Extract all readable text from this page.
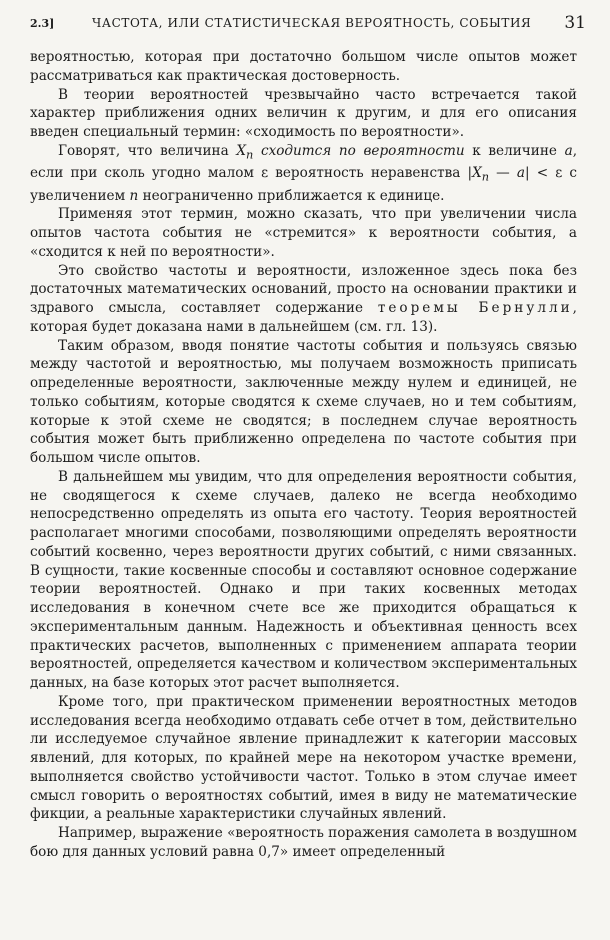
2.3]	ЧАСТОТА, ИЛИ СТАТИСТИЧЕСКАЯ ВЕРОЯТНОСТЬ, СОБЫТИЯ 31

вероятностью, которая при достаточно большом числе опытов может рассматриваться как практическая достоверность.

В теории вероятностей чрезвычайно часто встречается такой характер приближения одних величин к другим, и для его описания введен специальный термин: «сходимость по вероятности».

Говорят, что величина $X_n$ сходится по вероятности к величине a, если при сколь угодно малом ε вероятность неравенства $|X_n$ — a| < ε с увеличением n неограниченно приближается к единице.

Применяя этот термин, можно сказать, что при увеличении числа опытов частота события не «стремится» к вероятности события, а «сходится к ней по вероятности».

Это свойство частоты и вероятности, изложенное здесь пока без достаточных математических оснований, просто на основании практики и здравого смысла, составляет содержание теоремы Бернулли, которая будет доказана нами в дальнейшем (см. гл. 13).

Таким образом, вводя понятие частоты события и пользуясь связью между частотой и вероятностью, мы получаем возможность приписать определенные вероятности, заключенные между нулем и единицей, не только событиям, которые сводятся к схеме случаев, но и тем событиям, которые к этой схеме не сводятся; в последнем случае вероятность события может быть приближенно определена по частоте события при большом числе опытов.

В дальнейшем мы увидим, что для определения вероятности события, не сводящегося к схеме случаев, далеко не всегда необходимо непосредственно определять из опыта его частоту. Теория вероятностей располагает многими способами, позволяющими определять вероятности событий косвенно, через вероятности других событий, с ними связанных. В сущности, такие косвенные способы и составляют основное содержание теории вероятностей. Однако и при таких косвенных методах исследования в конечном счете все же приходится обращаться к экспериментальным данным. Надежность и объективная ценность всех практических расчетов, выполненных с применением аппарата теории вероятностей, определяется качеством и количеством экспериментальных данных, на базе которых этот расчет выполняется.

Кроме того, при практическом применении вероятностных методов исследования всегда необходимо отдавать себе отчет в том, действительно ли исследуемое случайное явление принадлежит к категории массовых явлений, для которых, по крайней мере на некотором участке времени, выполняется свойство устойчивости частот. Только в этом случае имеет смысл говорить о вероятностях событий, имея в виду не математические фикции, а реальные характеристики случайных явлений.

Например, выражение «вероятность поражения самолета в воздушном бою для данных условий равна 0,7» имеет определенный
